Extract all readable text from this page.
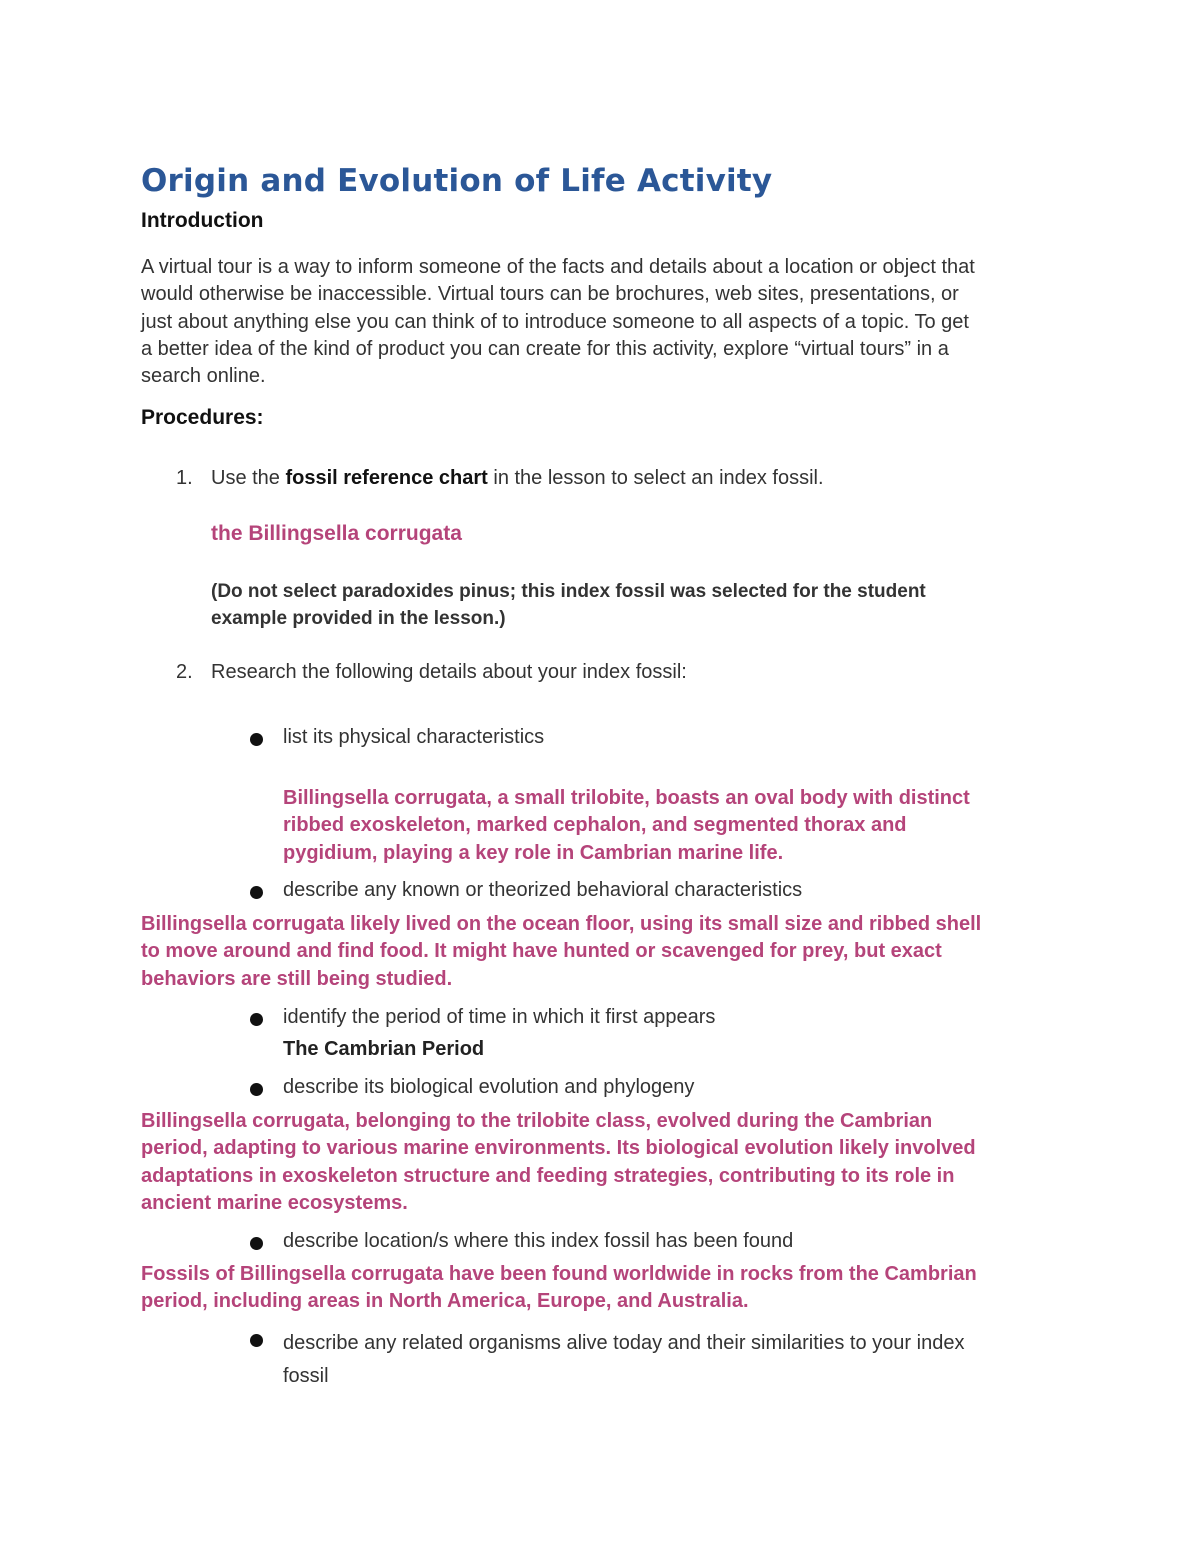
Origin and Evolution of Life Activity
Introduction
A virtual tour is a way to inform someone of the facts and details about a location or object that
would otherwise be inaccessible. Virtual tours can be brochures, web sites, presentations, or
just about anything else you can think of to introduce someone to all aspects of a topic. To get
a better idea of the kind of product you can create for this activity, explore “virtual tours” in a
search online.
Procedures:
1. Use the fossil reference chart in the lesson to select an index fossil.
the Billingsella corrugata
(Do not select paradoxides pinus; this index fossil was selected for the student
example provided in the lesson.)
2. Research the following details about your index fossil:
list its physical characteristics
Billingsella corrugata, a small trilobite, boasts an oval body with distinct
ribbed exoskeleton, marked cephalon, and segmented thorax and
pygidium, playing a key role in Cambrian marine life.
describe any known or theorized behavioral characteristics
Billingsella corrugata likely lived on the ocean floor, using its small size and ribbed shell
to move around and find food. It might have hunted or scavenged for prey, but exact
behaviors are still being studied.
identify the period of time in which it first appears
The Cambrian Period
describe its biological evolution and phylogeny
Billingsella corrugata, belonging to the trilobite class, evolved during the Cambrian
period, adapting to various marine environments. Its biological evolution likely involved
adaptations in exoskeleton structure and feeding strategies, contributing to its role in
ancient marine ecosystems.
describe location/s where this index fossil has been found
Fossils of Billingsella corrugata have been found worldwide in rocks from the Cambrian
period, including areas in North America, Europe, and Australia.
describe any related organisms alive today and their similarities to your index
fossil
